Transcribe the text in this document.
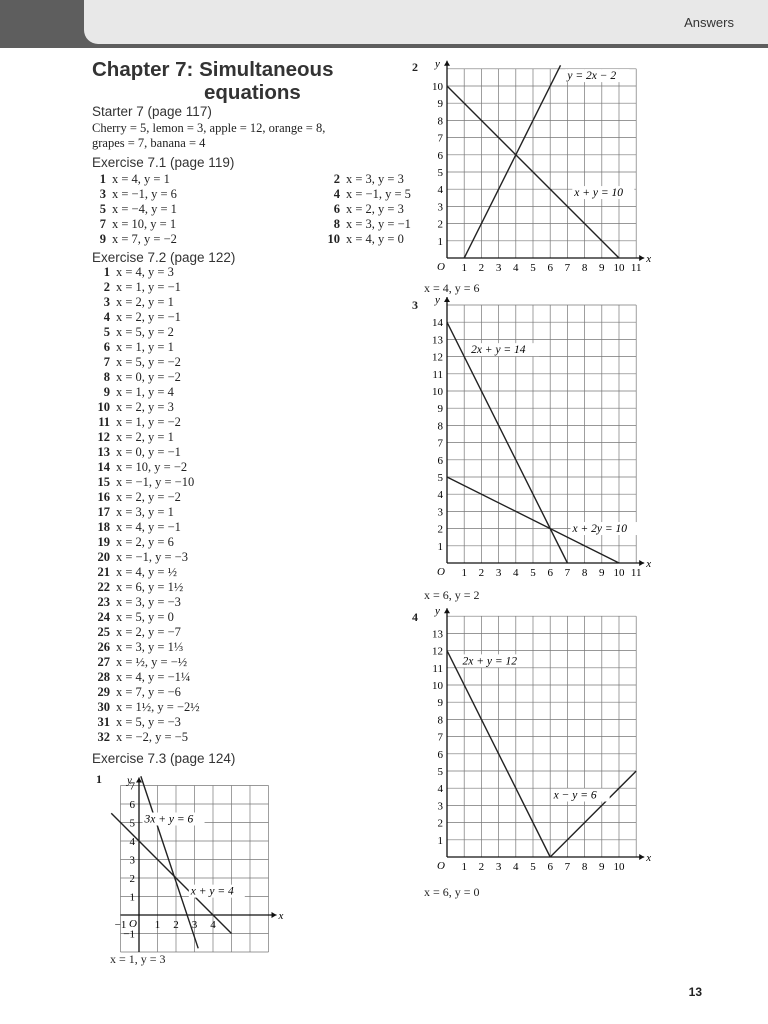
Answers
Chapter 7: Simultaneous
equations
Starter 7 (page 117)
Cherry = 5, lemon = 3, apple = 12, orange = 8,
grapes = 7, banana = 4
Exercise 7.1 (page 119)
1 x = 4, y = 1
3 x = −1, y = 6
5 x = −4, y = 1
7 x = 10, y = 1
9 x = 7, y = −2
2 x = 3, y = 3
4 x = −1, y = 5
6 x = 2, y = 3
8 x = 3, y = −1
10 x = 4, y = 0
Exercise 7.2 (page 122)
1 x = 4, y = 3
2 x = 1, y = −1
3 x = 2, y = 1
4 x = 2, y = −1
5 x = 5, y = 2
6 x = 1, y = 1
7 x = 5, y = −2
8 x = 0, y = −2
9 x = 1, y = 4
10 x = 2, y = 3
11 x = 1, y = −2
12 x = 2, y = 1
13 x = 0, y = −1
14 x = 10, y = −2
15 x = −1, y = −10
16 x = 2, y = −2
17 x = 3, y = 1
18 x = 4, y = −1
19 x = 2, y = 6
20 x = −1, y = −3
21 x = 4, y = ½
22 x = 6, y = 1½
23 x = 3, y = −3
24 x = 5, y = 0
25 x = 2, y = −7
26 x = 3, y = 1⅓
27 x = ½, y = −½
28 x = 4, y = −1¼
29 x = 7, y = −6
30 x = 1½, y = −2½
31 x = 5, y = −3
32 x = −2, y = −5
Exercise 7.3 (page 124)
1
x
y
O
−1	1 2 3 4
7
6
5
4
3
2
1
−1
3x + y = 6
x + y = 4
x = 1, y = 3
2
x
y
O 1 2 3 4 5 6 7 8 9 10 11
10
9
8
7
6
5
4
3
2
1
y = 2x − 2
x + y = 10
x = 4, y = 6
3
x
y
O 1 2 3 4 5 6 7 8 9 10 11
14
13
12
11
10
9
8
7
6
5
4
3
2
1
2x + y = 14
x + 2y = 10
x = 6, y = 2
4
x
y
O 1 2 3 4 5 6 7 8 9 10
13
12
11
10
9
8
7
6
5
4
3
2
1
2x + y = 12
x − y = 6
x = 6, y = 0
13
